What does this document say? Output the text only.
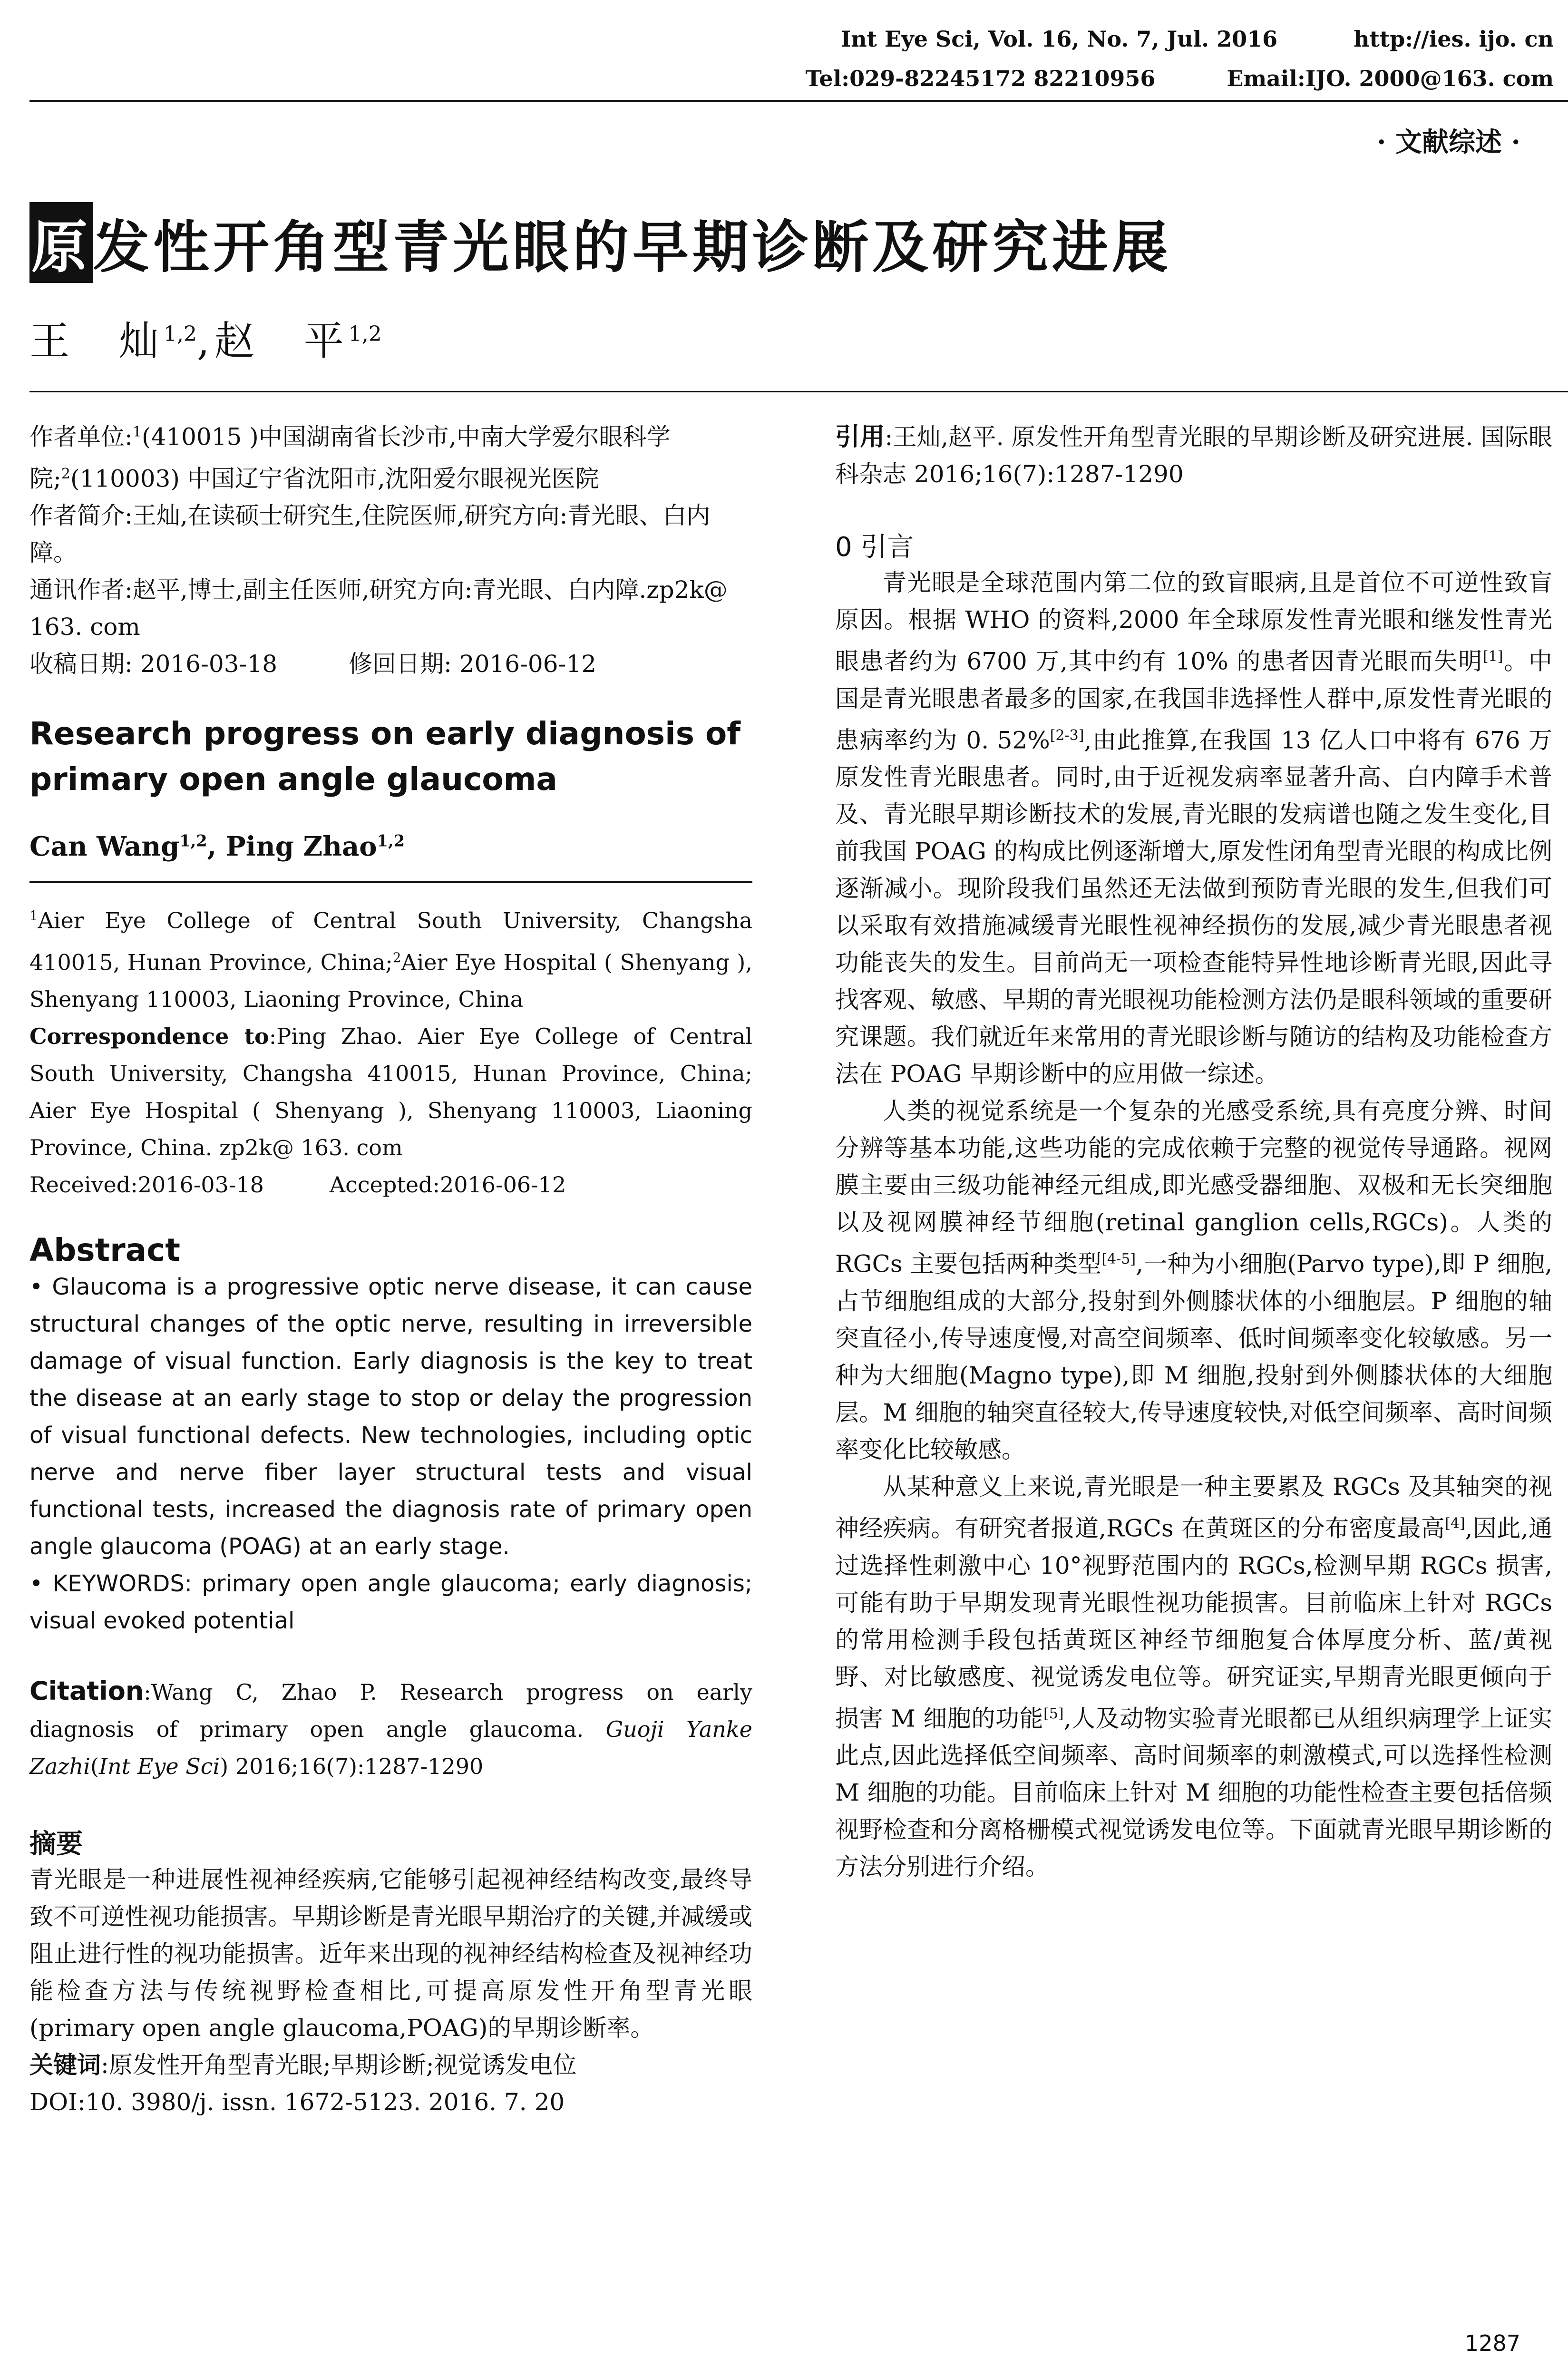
Int Eye Sci, Vol. 16, No. 7, Jul. 2016	http://ies. ijo. cn
Tel:029-82245172 82210956	Email:IJO. 2000@163. com
· 文献综述 ·
原发性开角型青光眼的早期诊断及研究进展
王　灿$^{1,2}$,赵　平$^{1,2}$

作者单位:$^1$(410015 )中国湖南省长沙市,中南大学爱尔眼科学院;$^2$(110003) 中国辽宁省沈阳市,沈阳爱尔眼视光医院

作者简介:王灿,在读硕士研究生,住院医师,研究方向:青光眼、白内障。

通讯作者:赵平,博士,副主任医师,研究方向:青光眼、白内障.zp2k@ 163. com

收稿日期: 2016-03-18　　　修回日期: 2016-06-12

Research progress on early diagnosis of primary open angle glaucoma

Can Wang$^{1,2}$, Ping Zhao$^{1,2}$

$^1$Aier Eye College of Central South University, Changsha 410015, Hunan Province, China;$^2$Aier Eye Hospital ( Shenyang ), Shenyang 110003, Liaoning Province, China

Correspondence to:Ping Zhao. Aier Eye College of Central South University, Changsha 410015, Hunan Province, China; Aier Eye Hospital ( Shenyang ), Shenyang 110003, Liaoning Province, China. zp2k@ 163. com

Received:2016-03-18　　　Accepted:2016-06-12

Abstract

• Glaucoma is a progressive optic nerve disease, it can cause structural changes of the optic nerve, resulting in irreversible damage of visual function. Early diagnosis is the key to treat the disease at an early stage to stop or delay the progression of visual functional defects. New technologies, including optic nerve and nerve fiber layer structural tests and visual functional tests, increased the diagnosis rate of primary open angle glaucoma (POAG) at an early stage.

• KEYWORDS: primary open angle glaucoma; early diagnosis; visual evoked potential

Citation:Wang C, Zhao P. Research progress on early diagnosis of primary open angle glaucoma. Guoji Yanke Zazhi(Int Eye Sci) 2016;16(7):1287-1290

摘要

青光眼是一种进展性视神经疾病,它能够引起视神经结构改变,最终导致不可逆性视功能损害。早期诊断是青光眼早期治疗的关键,并减缓或阻止进行性的视功能损害。近年来出现的视神经结构检查及视神经功能检查方法与传统视野检查相比,可提高原发性开角型青光眼(primary open angle glaucoma,POAG)的早期诊断率。

关键词:原发性开角型青光眼;早期诊断;视觉诱发电位

DOI:10. 3980/j. issn. 1672-5123. 2016. 7. 20

引用:王灿,赵平. 原发性开角型青光眼的早期诊断及研究进展. 国际眼科杂志 2016;16(7):1287-1290

0 引言

青光眼是全球范围内第二位的致盲眼病,且是首位不可逆性致盲原因。根据 WHO 的资料,2000 年全球原发性青光眼和继发性青光眼患者约为 6700 万,其中约有 10% 的患者因青光眼而失明[1]。中国是青光眼患者最多的国家,在我国非选择性人群中,原发性青光眼的患病率约为 0. 52%[2-3],由此推算,在我国 13 亿人口中将有 676 万原发性青光眼患者。同时,由于近视发病率显著升高、白内障手术普及、青光眼早期诊断技术的发展,青光眼的发病谱也随之发生变化,目前我国 POAG 的构成比例逐渐增大,原发性闭角型青光眼的构成比例逐渐减小。现阶段我们虽然还无法做到预防青光眼的发生,但我们可以采取有效措施减缓青光眼性视神经损伤的发展,减少青光眼患者视功能丧失的发生。目前尚无一项检查能特异性地诊断青光眼,因此寻找客观、敏感、早期的青光眼视功能检测方法仍是眼科领域的重要研究课题。我们就近年来常用的青光眼诊断与随访的结构及功能检查方法在 POAG 早期诊断中的应用做一综述。

人类的视觉系统是一个复杂的光感受系统,具有亮度分辨、时间分辨等基本功能,这些功能的完成依赖于完整的视觉传导通路。视网膜主要由三级功能神经元组成,即光感受器细胞、双极和无长突细胞以及视网膜神经节细胞(retinal ganglion cells,RGCs)。人类的 RGCs 主要包括两种类型[4-5],一种为小细胞(Parvo type),即 P 细胞,占节细胞组成的大部分,投射到外侧膝状体的小细胞层。P 细胞的轴突直径小,传导速度慢,对高空间频率、低时间频率变化较敏感。另一种为大细胞(Magno type),即 M 细胞,投射到外侧膝状体的大细胞层。M 细胞的轴突直径较大,传导速度较快,对低空间频率、高时间频率变化比较敏感。

从某种意义上来说,青光眼是一种主要累及 RGCs 及其轴突的视神经疾病。有研究者报道,RGCs 在黄斑区的分布密度最高[4],因此,通过选择性刺激中心 10°视野范围内的 RGCs,检测早期 RGCs 损害,可能有助于早期发现青光眼性视功能损害。目前临床上针对 RGCs 的常用检测手段包括黄斑区神经节细胞复合体厚度分析、蓝/黄视野、对比敏感度、视觉诱发电位等。研究证实,早期青光眼更倾向于损害 M 细胞的功能[5],人及动物实验青光眼都已从组织病理学上证实此点,因此选择低空间频率、高时间频率的刺激模式,可以选择性检测 M 细胞的功能。目前临床上针对 M 细胞的功能性检查主要包括倍频视野检查和分离格栅模式视觉诱发电位等。下面就青光眼早期诊断的方法分别进行介绍。

1287
